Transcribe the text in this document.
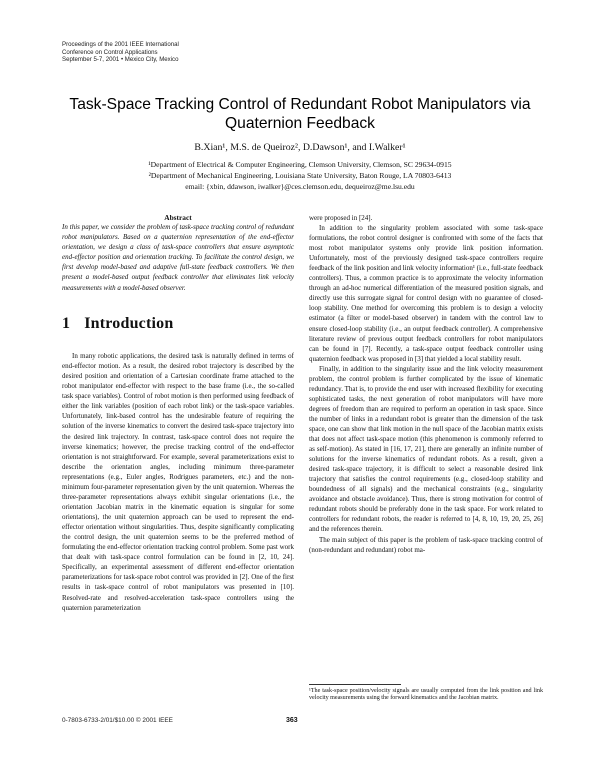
Proceedings of the 2001 IEEE International
Conference on Control Applications
September 5-7, 2001 • Mexico City, Mexico
Task-Space Tracking Control of Redundant Robot Manipulators via
Quaternion Feedback
B.Xian¹, M.S. de Queiroz², D.Dawson¹, and I.Walker¹
¹Department of Electrical & Computer Engineering, Clemson University, Clemson, SC 29634-0915
²Department of Mechanical Engineering, Louisiana State University, Baton Rouge, LA 70803-6413
email: {xbin, ddawson, iwalker}@ces.clemson.edu, dequeiroz@me.lsu.edu
Abstract
In this paper, we consider the problem of task-space tracking control of redundant robot manipulators. Based on a quaternion representation of the end-effector orientation, we design a class of task-space controllers that ensure asymptotic end-effector position and orientation tracking. To facilitate the control design, we first develop model-based and adaptive full-state feedback controllers. We then present a model-based output feedback controller that eliminates link velocity measurements with a model-based observer.
1 Introduction

In many robotic applications, the desired task is naturally defined in terms of end-effector motion. As a result, the desired robot trajectory is described by the desired position and orientation of a Cartesian coordinate frame attached to the robot manipulator end-effector with respect to the base frame (i.e., the so-called task space variables). Control of robot motion is then performed using feedback of either the link variables (position of each robot link) or the task-space variables. Unfortunately, link-based control has the undesirable feature of requiring the solution of the inverse kinematics to convert the desired task-space trajectory into the desired link trajectory. In contrast, task-space control does not require the inverse kinematics; however, the precise tracking control of the end-effector orientation is not straightforward. For example, several parameterizations exist to describe the orientation angles, including minimum three-parameter representations (e.g., Euler angles, Rodrigues parameters, etc.) and the non-minimum four-parameter representation given by the unit quaternion. Whereas the three-parameter representations always exhibit singular orientations (i.e., the orientation Jacobian matrix in the kinematic equation is singular for some orientations), the unit quaternion approach can be used to represent the end-effector orientation without singularities. Thus, despite significantly complicating the control design, the unit quaternion seems to be the preferred method of formulating the end-effector orientation tracking control problem. Some past work that dealt with task-space control formulation can be found in [2, 10, 24]. Specifically, an experimental assessment of different end-effector orientation parameterizations for task-space robot control was provided in [2]. One of the first results in task-space control of robot manipulators was presented in [10]. Resolved-rate and resolved-acceleration task-space controllers using the quaternion parameterization

were proposed in [24].

In addition to the singularity problem associated with some task-space formulations, the robot control designer is confronted with some of the facts that most robot manipulator systems only provide link position information. Unfortunately, most of the previously designed task-space controllers require feedback of the link position and link velocity information¹ (i.e., full-state feedback controllers). Thus, a common practice is to approximate the velocity information through an ad-hoc numerical differentiation of the measured position signals, and directly use this surrogate signal for control design with no guarantee of closed-loop stability. One method for overcoming this problem is to design a velocity estimator (a filter or model-based observer) in tandem with the control law to ensure closed-loop stability (i.e., an output feedback controller). A comprehensive literature review of previous output feedback controllers for robot manipulators can be found in [7]. Recently, a task-space output feedback controller using quaternion feedback was proposed in [3] that yielded a local stability result.

Finally, in addition to the singularity issue and the link velocity measurement problem, the control problem is further complicated by the issue of kinematic redundancy. That is, to provide the end user with increased flexibility for executing sophisticated tasks, the next generation of robot manipulators will have more degrees of freedom than are required to perform an operation in task space. Since the number of links in a redundant robot is greater than the dimension of the task space, one can show that link motion in the null space of the Jacobian matrix exists that does not affect task-space motion (this phenomenon is commonly referred to as self-motion). As stated in [16, 17, 21], there are generally an infinite number of solutions for the inverse kinematics of redundant robots. As a result, given a desired task-space trajectory, it is difficult to select a reasonable desired link trajectory that satisfies the control requirements (e.g., closed-loop stability and boundedness of all signals) and the mechanical constraints (e.g., singularity avoidance and obstacle avoidance). Thus, there is strong motivation for control of redundant robots should be preferably done in the task space. For work related to controllers for redundant robots, the reader is referred to [4, 8, 10, 19, 20, 25, 26] and the references therein.

The main subject of this paper is the problem of task-space tracking control of (non-redundant and redundant) robot ma-

¹The task-space position/velocity signals are usually computed from the link position and link velocity measurements using the forward kinematics and the Jacobian matrix.
0-7803-6733-2/01/$10.00 © 2001 IEEE	363
